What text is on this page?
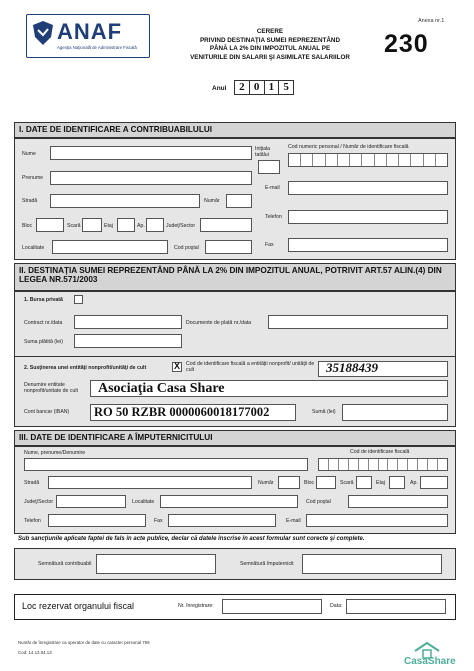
ANAF
Agenţia Naţională de Administrare Fiscală
Anexa nr.1
230
CERERE
PRIVIND DESTINAŢIA SUMEI REPREZENTÂND
PÂNĂ LA 2% DIN IMPOZITUL ANUAL PE
VENITURILE DIN SALARII ŞI ASIMILATE SALARIILOR
Anul	2 0 1 5
I. DATE DE IDENTIFICARE A CONTRIBUABILULUI
Nume
Iniţiala tatălui
Cod numeric personal / Număr de identificare fiscală
Prenume
E-mail
Stradă	Număr
Bloc	Scară	Etaj	Ap.	Judeţ/Sector
Telefon
Localitate	Cod poştal	Fax
II. DESTINAŢIA SUMEI REPREZENTÂND PÂNĂ LA 2% DIN IMPOZITUL ANUAL, POTRIVIT ART.57 ALIN.(4) DIN LEGEA NR.571/2003
1. Bursa privată
Contract nr./data	Documente de plată nr./data
Suma plătită (lei)
2. Susţinerea unei entităţi nonprofit/unităţi de cult	X Cod de identificare fiscală a entităţii nonprofit/ unităţii de cult	35188439
Denumire entitate nonprofit/unitate de cult	Asociaţia Casa Share
Cont bancar (IBAN) RO 50 RZBR 0000060018177002	Sumă (lei)
III. DATE DE IDENTIFICARE A ÎMPUTERNICITULUI
Nume, prenume/Denumire	Cod de identificare fiscală
Stradă	Număr	Bloc	Scară	Etaj	Ap.
Judeţ/Sector	Localitate	Cod poştal
Telefon	Fax	E-mail
Sub sancţiunile aplicate faptei de fals în acte publice, declar că datele înscrise în acest formular sunt corecte şi complete.
Semnătură contribuabil	Semnătură împuternicit
Loc rezervat organului fiscal	Nr. înregistrare:	Data:
Număr de înregistrare ca operator de date cu caracter personal 759
Cod: 14.13.04.13
CasaShare
